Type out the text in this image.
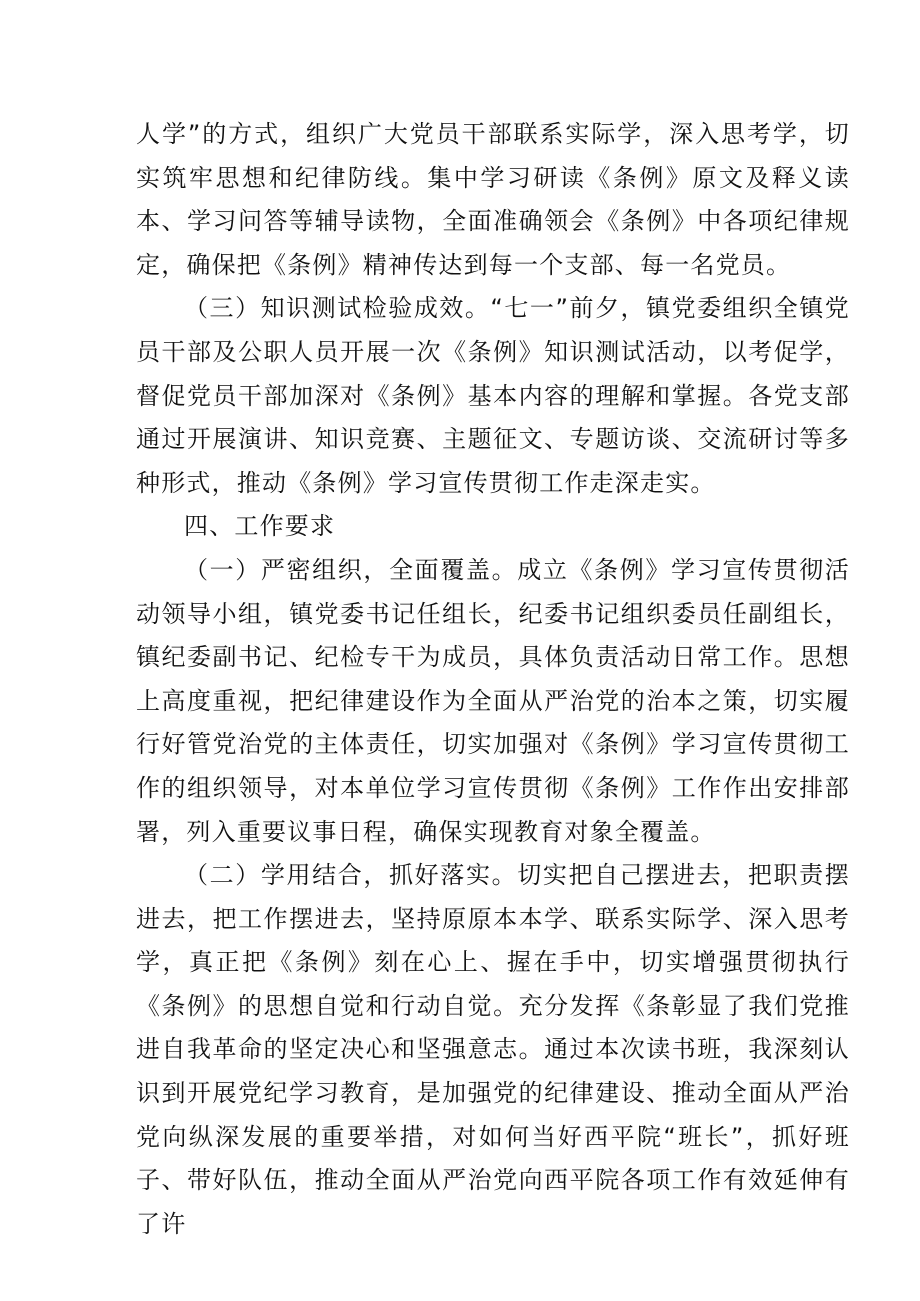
人学”的方式，组织广大党员干部联系实际学，深入思考学，切实筑牢思想和纪律防线。集中学习研读《条例》原文及释义读本、学习问答等辅导读物，全面准确领会《条例》中各项纪律规定，确保把《条例》精神传达到每一个支部、每一名党员。

（三）知识测试检验成效。“七一”前夕，镇党委组织全镇党员干部及公职人员开展一次《条例》知识测试活动，以考促学，督促党员干部加深对《条例》基本内容的理解和掌握。各党支部通过开展演讲、知识竞赛、主题征文、专题访谈、交流研讨等多种形式，推动《条例》学习宣传贯彻工作走深走实。

四、工作要求

（一）严密组织，全面覆盖。成立《条例》学习宣传贯彻活动领导小组，镇党委书记任组长，纪委书记组织委员任副组长，镇纪委副书记、纪检专干为成员，具体负责活动日常工作。思想上高度重视，把纪律建设作为全面从严治党的治本之策，切实履行好管党治党的主体责任，切实加强对《条例》学习宣传贯彻工作的组织领导，对本单位学习宣传贯彻《条例》工作作出安排部署，列入重要议事日程，确保实现教育对象全覆盖。

（二）学用结合，抓好落实。切实把自己摆进去，把职责摆进去，把工作摆进去，坚持原原本本学、联系实际学、深入思考学，真正把《条例》刻在心上、握在手中，切实增强贯彻执行《条例》的思想自觉和行动自觉。充分发挥《条彰显了我们党推进自我革命的坚定决心和坚强意志。通过本次读书班，我深刻认识到开展党纪学习教育，是加强党的纪律建设、推动全面从严治党向纵深发展的重要举措，对如何当好西平院“班长”，抓好班子、带好队伍，推动全面从严治党向西平院各项工作有效延伸有了许
